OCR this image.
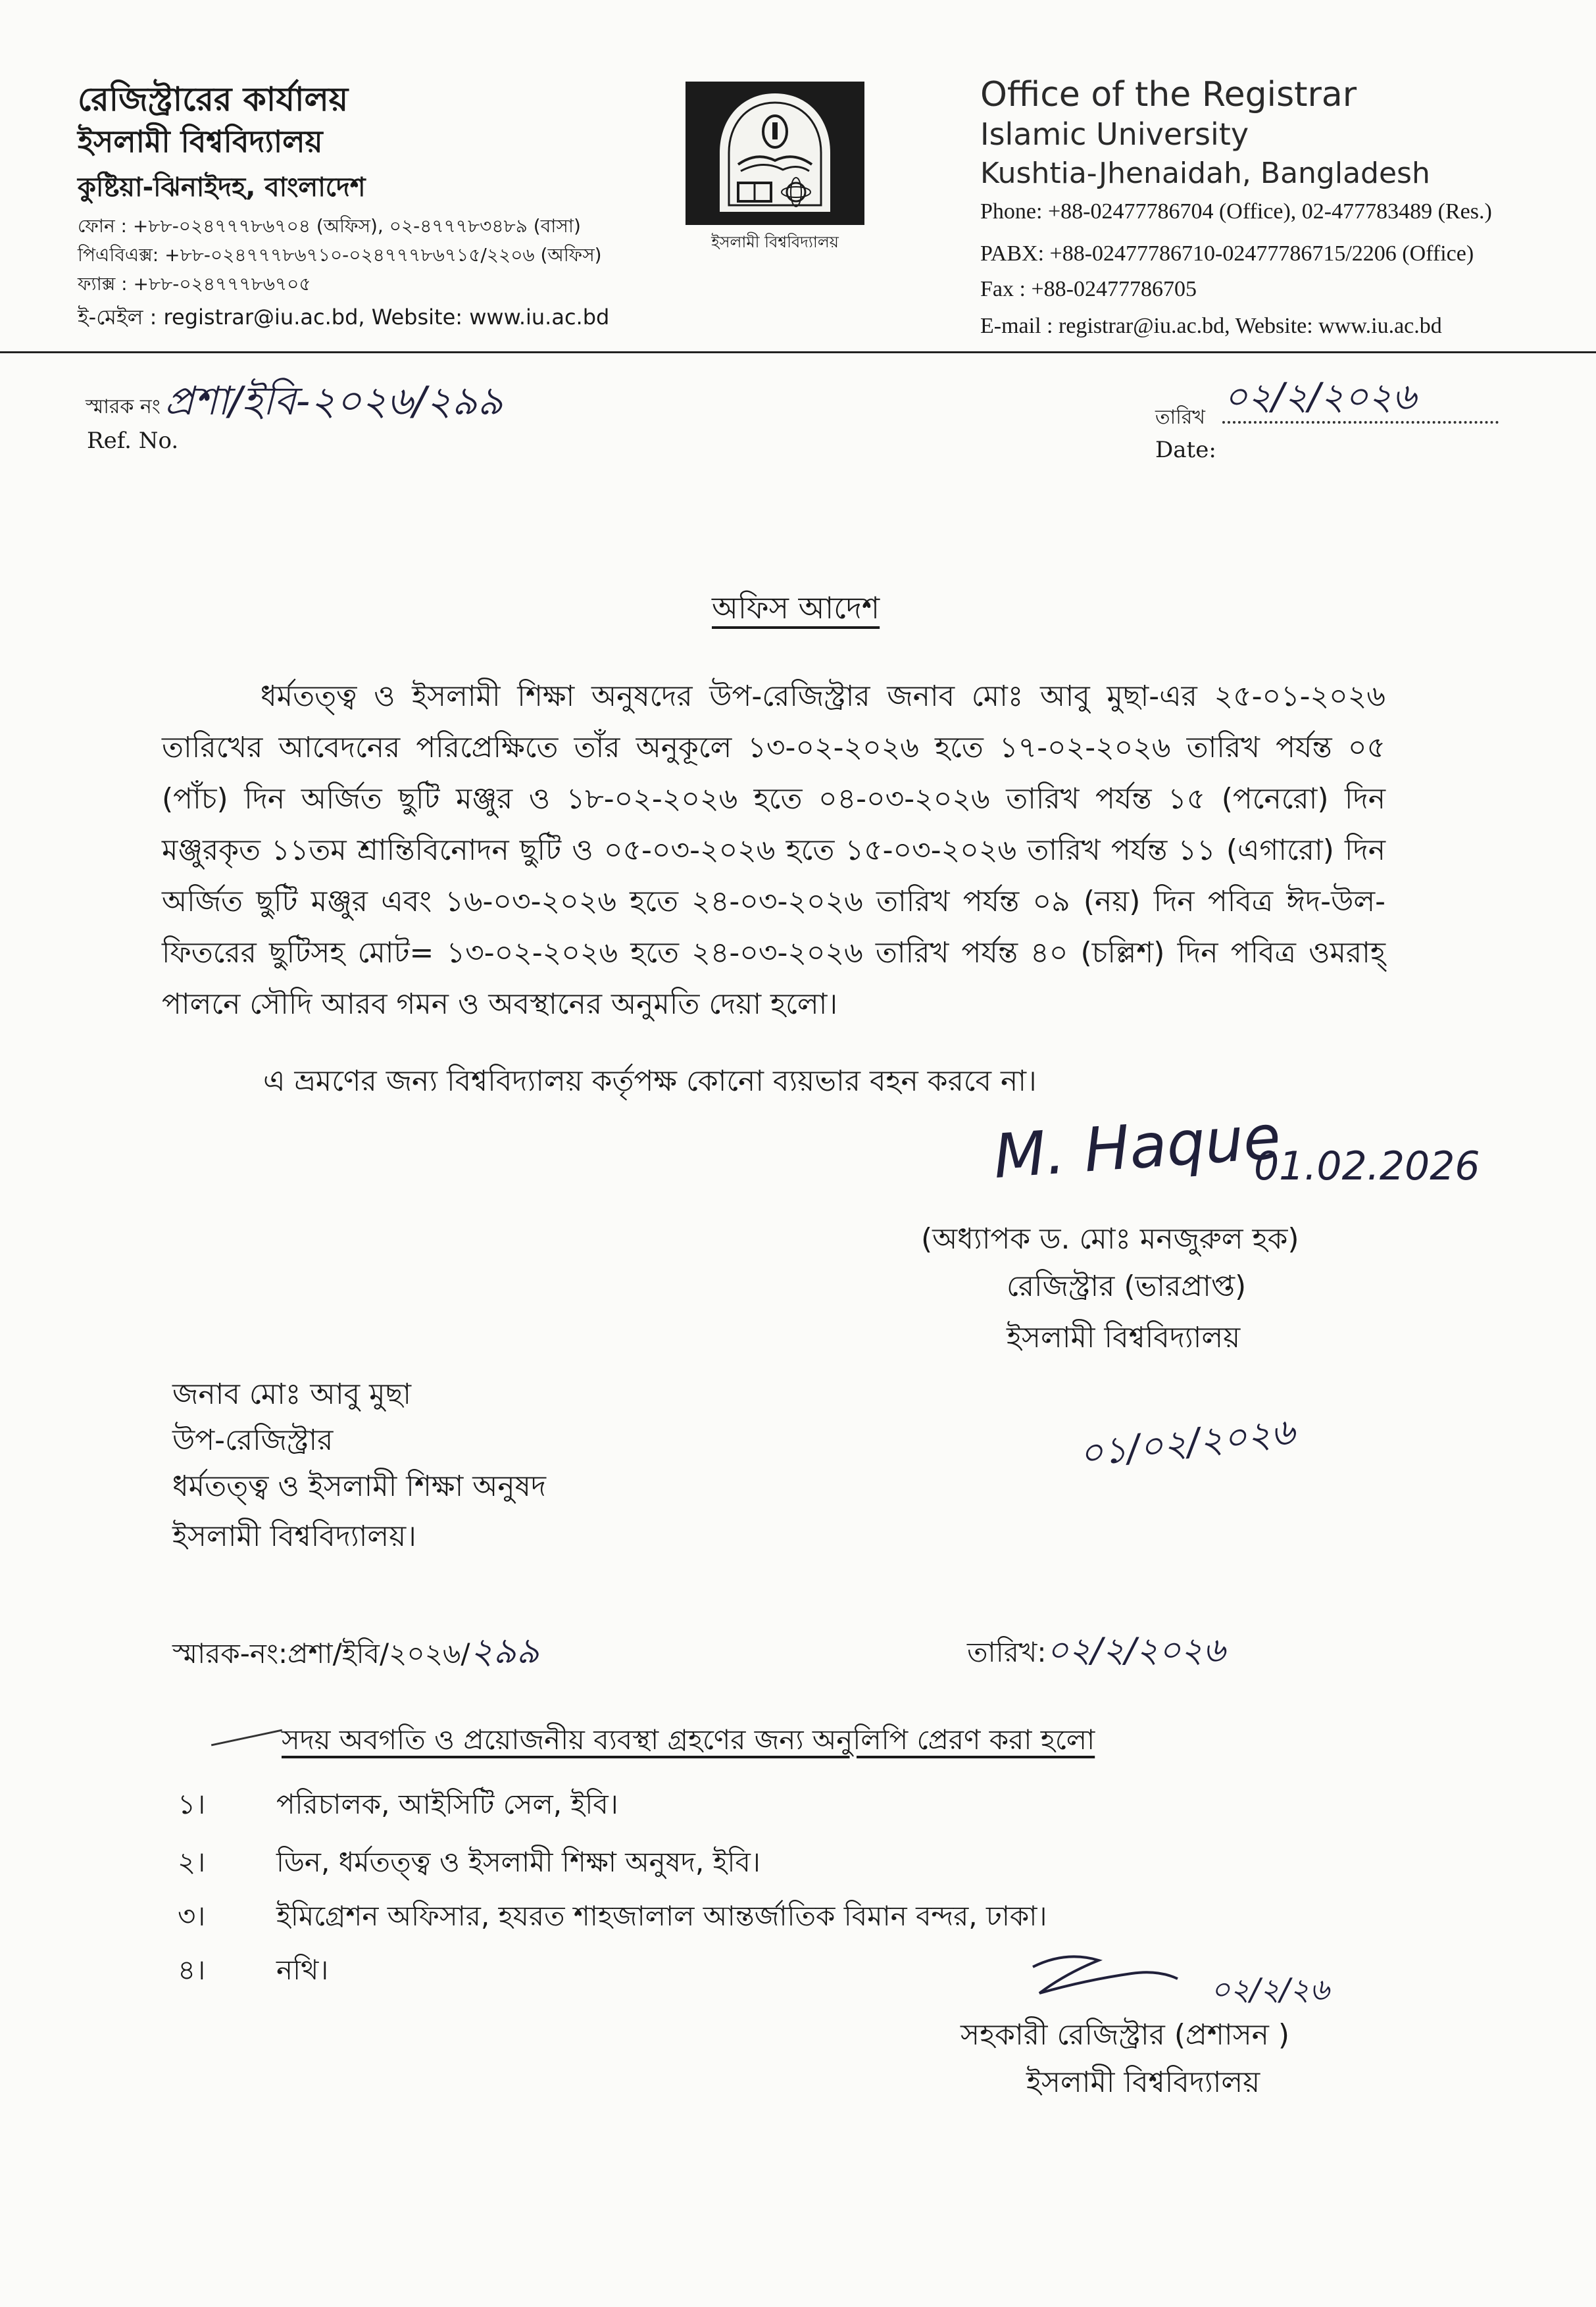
রেজিস্ট্রারের কার্যালয়
ইসলামী বিশ্ববিদ্যালয়
কুষ্টিয়া-ঝিনাইদহ, বাংলাদেশ
ফোন : +৮৮-০২৪৭৭৭৮৬৭০৪ (অফিস), ০২-৪৭৭৭৮৩৪৮৯ (বাসা)
পিএবিএক্স: +৮৮-০২৪৭৭৭৮৬৭১০-০২৪৭৭৭৮৬৭১৫/২২০৬ (অফিস)
ফ্যাক্স : +৮৮-০২৪৭৭৭৮৬৭০৫
ই-মেইল : registrar@iu.ac.bd, Website: www.iu.ac.bd
ইসলামী বিশ্ববিদ্যালয়
Office of the Registrar
Islamic University
Kushtia-Jhenaidah, Bangladesh
Phone: +88-02477786704 (Office), 02-477783489 (Res.)
PABX: +88-02477786710-02477786715/2206 (Office)
Fax : +88-02477786705
E-mail : registrar@iu.ac.bd, Website: www.iu.ac.bd
স্মারক নং প্রশা/ইবি-২০২৬/২৯৯
Ref. No.
তারিখ ০২/২/২০২৬
Date:
অফিস আদেশ
ধর্মতত্ত্ব ও ইসলামী শিক্ষা অনুষদের উপ-রেজিস্ট্রার জনাব মোঃ আবু মুছা-এর ২৫-০১-২০২৬ তারিখের আবেদনের পরিপ্রেক্ষিতে তাঁর অনুকূলে ১৩-০২-২০২৬ হতে ১৭-০২-২০২৬ তারিখ পর্যন্ত ০৫ (পাঁচ) দিন অর্জিত ছুটি মঞ্জুর ও ১৮-০২-২০২৬ হতে ০৪-০৩-২০২৬ তারিখ পর্যন্ত ১৫ (পনেরো) দিন মঞ্জুরকৃত ১১তম শ্রান্তিবিনোদন ছুটি ও ০৫-০৩-২০২৬ হতে ১৫-০৩-২০২৬ তারিখ পর্যন্ত ১১ (এগারো) দিন অর্জিত ছুটি মঞ্জুর এবং ১৬-০৩-২০২৬ হতে ২৪-০৩-২০২৬ তারিখ পর্যন্ত ০৯ (নয়) দিন পবিত্র ঈদ-উল-ফিতরের ছুটিসহ মোট= ১৩-০২-২০২৬ হতে ২৪-০৩-২০২৬ তারিখ পর্যন্ত ৪০ (চল্লিশ) দিন পবিত্র ওমরাহ্ পালনে সৌদি আরব গমন ও অবস্থানের অনুমতি দেয়া হলো।
এ ভ্রমণের জন্য বিশ্ববিদ্যালয় কর্তৃপক্ষ কোনো ব্যয়ভার বহন করবে না।
M. Haque
01.02.2026
(অধ্যাপক ড. মোঃ মনজুরুল হক)
রেজিস্ট্রার (ভারপ্রাপ্ত)
ইসলামী বিশ্ববিদ্যালয়
জনাব মোঃ আবু মুছা
উপ-রেজিস্ট্রার
ধর্মতত্ত্ব ও ইসলামী শিক্ষা অনুষদ
ইসলামী বিশ্ববিদ্যালয়।
০১/০২/২০২৬
স্মারক-নং:প্রশা/ইবি/২০২৬/২৯৯	তারিখ:০২/২/২০২৬
সদয় অবগতি ও প্রয়োজনীয় ব্যবস্থা গ্রহণের জন্য অনুলিপি প্রেরণ করা হলো
১।	পরিচালক, আইসিটি সেল, ইবি।
২।	ডিন, ধর্মতত্ত্ব ও ইসলামী শিক্ষা অনুষদ, ইবি।
৩।	ইমিগ্রেশন অফিসার, হযরত শাহজালাল আন্তর্জাতিক বিমান বন্দর, ঢাকা।
৪।	নথি।
০২/২/২৬
সহকারী রেজিস্ট্রার (প্রশাসন )
ইসলামী বিশ্ববিদ্যালয়
